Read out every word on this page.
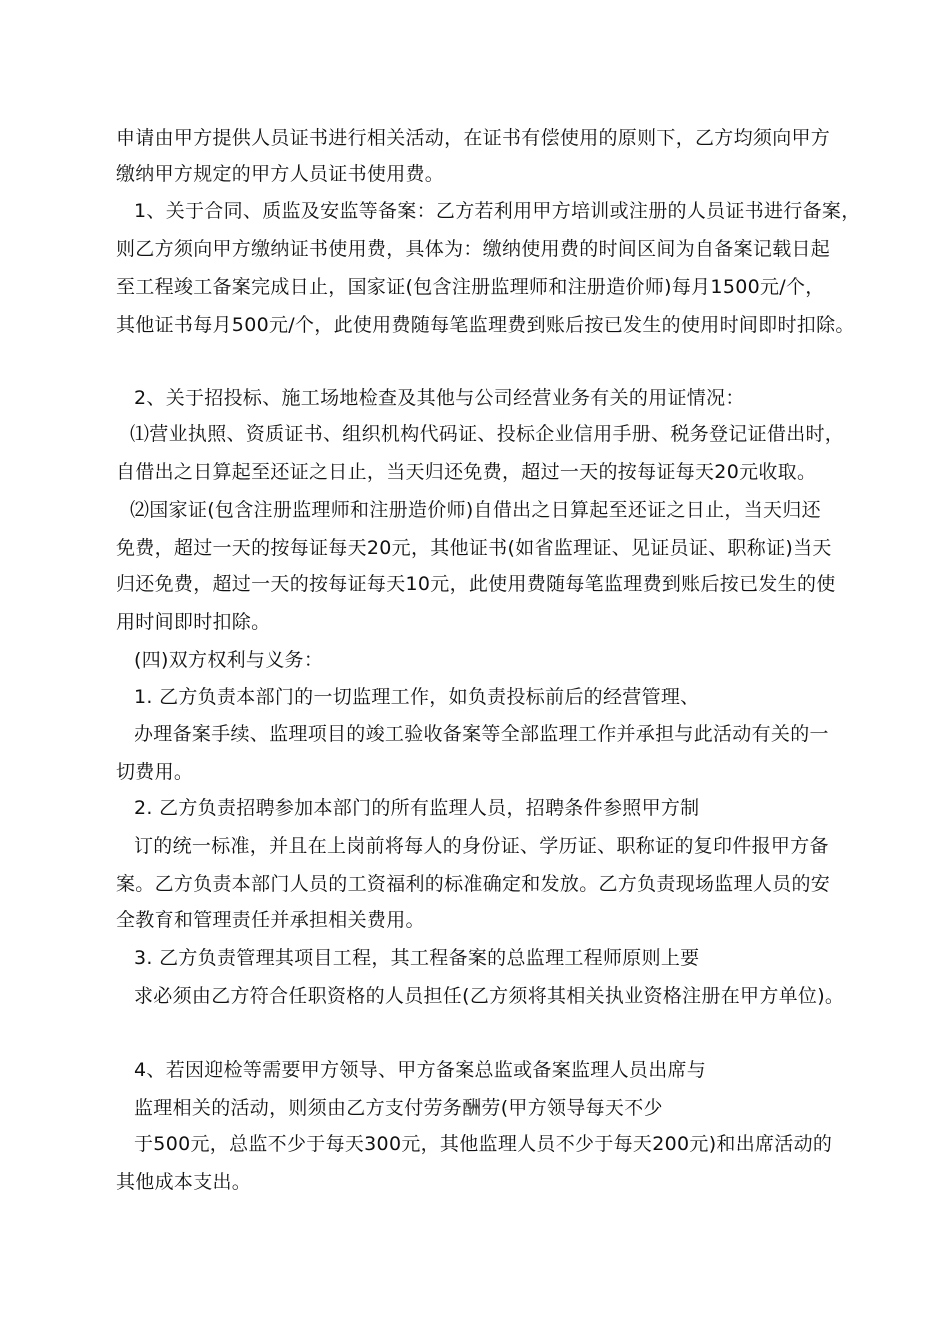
申请由甲方提供人员证书进行相关活动，在证书有偿使用的原则下，乙方均须向甲方
缴纳甲方规定的甲方人员证书使用费。
1、关于合同、质监及安监等备案：乙方若利用甲方培训或注册的人员证书进行备案，
则乙方须向甲方缴纳证书使用费，具体为：缴纳使用费的时间区间为自备案记载日起
至工程竣工备案完成日止，国家证(包含注册监理师和注册造价师)每月1500元/个，
其他证书每月500元/个，此使用费随每笔监理费到账后按已发生的使用时间即时扣除。
2、关于招投标、施工场地检查及其他与公司经营业务有关的用证情况：
⑴营业执照、资质证书、组织机构代码证、投标企业信用手册、税务登记证借出时，
自借出之日算起至还证之日止，当天归还免费，超过一天的按每证每天20元收取。
⑵国家证(包含注册监理师和注册造价师)自借出之日算起至还证之日止，当天归还
免费，超过一天的按每证每天20元，其他证书(如省监理证、见证员证、职称证)当天
归还免费，超过一天的按每证每天10元，此使用费随每笔监理费到账后按已发生的使
用时间即时扣除。
(四)双方权利与义务：
1. 乙方负责本部门的一切监理工作，如负责投标前后的经营管理、
办理备案手续、监理项目的竣工验收备案等全部监理工作并承担与此活动有关的一
切费用。
2. 乙方负责招聘参加本部门的所有监理人员，招聘条件参照甲方制
订的统一标准，并且在上岗前将每人的身份证、学历证、职称证的复印件报甲方备
案。乙方负责本部门人员的工资福利的标准确定和发放。乙方负责现场监理人员的安
全教育和管理责任并承担相关费用。
3. 乙方负责管理其项目工程，其工程备案的总监理工程师原则上要
求必须由乙方符合任职资格的人员担任(乙方须将其相关执业资格注册在甲方单位)。
4、若因迎检等需要甲方领导、甲方备案总监或备案监理人员出席与
监理相关的活动，则须由乙方支付劳务酬劳(甲方领导每天不少
于500元，总监不少于每天300元，其他监理人员不少于每天200元)和出席活动的
其他成本支出。
